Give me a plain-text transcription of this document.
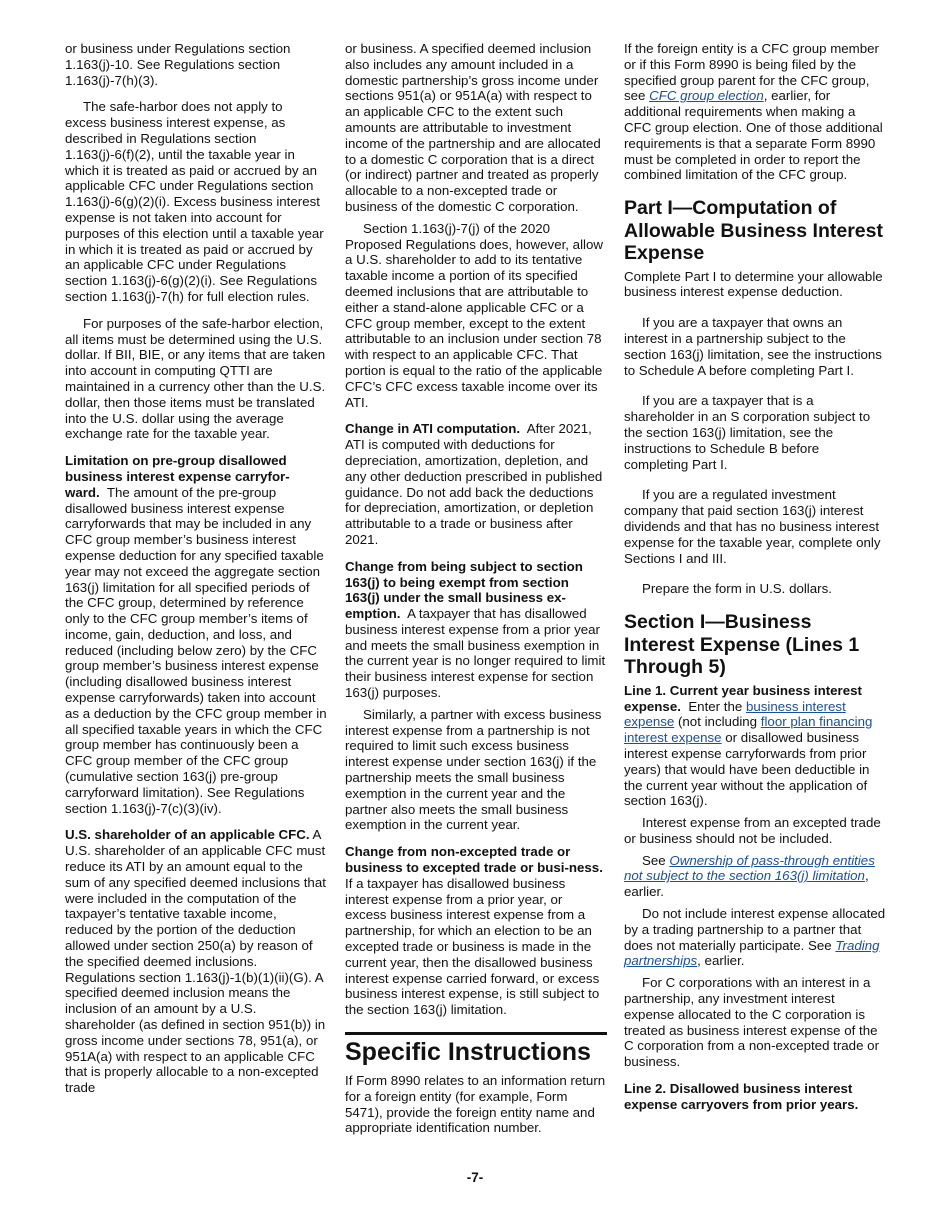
or business under Regulations section 1.163(j)-10. See Regulations section 1.163(j)-7(h)(3).

The safe-harbor does not apply to excess business interest expense, as described in Regulations section 1.163(j)-6(f)(2), until the taxable year in which it is treated as paid or accrued by an applicable CFC under Regulations section 1.163(j)-6(g)(2)(i). Excess business interest expense is not taken into account for purposes of this election until a taxable year in which it is treated as paid or accrued by an applicable CFC under Regulations section 1.163(j)-6(g)(2)(i). See Regulations section 1.163(j)-7(h) for full election rules.

For purposes of the safe-harbor election, all items must be determined using the U.S. dollar. If BII, BIE, or any items that are taken into account in computing QTTI are maintained in a currency other than the U.S. dollar, then those items must be translated into the U.S. dollar using the average exchange rate for the taxable year.

Limitation on pre-group disallowed business interest expense carryfor-ward. The amount of the pre-group disallowed business interest expense carryforwards that may be included in any CFC group member’s business interest expense deduction for any specified taxable year may not exceed the aggregate section 163(j) limitation for all specified periods of the CFC group, determined by reference only to the CFC group member’s items of income, gain, deduction, and loss, and reduced (including below zero) by the CFC group member’s business interest expense (including disallowed business interest expense carryforwards) taken into account as a deduction by the CFC group member in all specified taxable years in which the CFC group member has continuously been a CFC group member of the CFC group (cumulative section 163(j) pre-group carryforward limitation). See Regulations section 1.163(j)-7(c)(3)(iv).

U.S. shareholder of an applicable CFC. A U.S. shareholder of an applicable CFC must reduce its ATI by an amount equal to the sum of any specified deemed inclusions that were included in the computation of the taxpayer’s tentative taxable income, reduced by the portion of the deduction allowed under section 250(a) by reason of the specified deemed inclusions. Regulations section 1.163(j)-1(b)(1)(ii)(G). A specified deemed inclusion means the inclusion of an amount by a U.S. shareholder (as defined in section 951(b)) in gross income under sections 78, 951(a), or 951A(a) with respect to an applicable CFC that is properly allocable to a non-excepted trade

or business. A specified deemed inclusion also includes any amount included in a domestic partnership’s gross income under sections 951(a) or 951A(a) with respect to an applicable CFC to the extent such amounts are attributable to investment income of the partnership and are allocated to a domestic C corporation that is a direct (or indirect) partner and treated as properly allocable to a non-excepted trade or business of the domestic C corporation.

Section 1.163(j)-7(j) of the 2020 Proposed Regulations does, however, allow a U.S. shareholder to add to its tentative taxable income a portion of its specified deemed inclusions that are attributable to either a stand-alone applicable CFC or a CFC group member, except to the extent attributable to an inclusion under section 78 with respect to an applicable CFC. That portion is equal to the ratio of the applicable CFC’s CFC excess taxable income over its ATI.

Change in ATI computation. After 2021, ATI is computed with deductions for depreciation, amortization, depletion, and any other deduction prescribed in published guidance. Do not add back the deductions for depreciation, amortization, or depletion attributable to a trade or business after 2021.

Change from being subject to section 163(j) to being exempt from section 163(j) under the small business ex-emption. A taxpayer that has disallowed business interest expense from a prior year and meets the small business exemption in the current year is no longer required to limit their business interest expense for section 163(j) purposes.

Similarly, a partner with excess business interest expense from a partnership is not required to limit such excess business interest expense under section 163(j) if the partnership meets the small business exemption in the current year and the partner also meets the small business exemption in the current year.

Change from non-excepted trade or business to excepted trade or busi-ness.  If a taxpayer has disallowed business interest expense from a prior year, or excess business interest expense from a partnership, for which an election to be an excepted trade or business is made in the current year, then the disallowed business interest expense carried forward, or excess business interest expense, is still subject to the section 163(j) limitation.

Specific Instructions

If Form 8990 relates to an information return for a foreign entity (for example, Form 5471), provide the foreign entity name and appropriate identification number.

If the foreign entity is a CFC group member or if this Form 8990 is being filed by the specified group parent for the CFC group, see CFC group election, earlier, for additional requirements when making a CFC group election. One of those additional requirements is that a separate Form 8990 must be completed in order to report the combined limitation of the CFC group.

Part I—Computation of Allowable Business Interest Expense

Complete Part I to determine your allowable business interest expense deduction.

If you are a taxpayer that owns an interest in a partnership subject to the section 163(j) limitation, see the instructions to Schedule A before completing Part I.

If you are a taxpayer that is a shareholder in an S corporation subject to the section 163(j) limitation, see the instructions to Schedule B before completing Part I.

If you are a regulated investment company that paid section 163(j) interest dividends and that has no business interest expense for the taxable year, complete only Sections I and III.

Prepare the form in U.S. dollars.

Section I—Business Interest Expense (Lines 1 Through 5)

Line 1. Current year business interest expense. Enter the business interest expense (not including floor plan financing interest expense or disallowed business interest expense carryforwards from prior years) that would have been deductible in the current year without the application of section 163(j).

Interest expense from an excepted trade or business should not be included.

See Ownership of pass-through entities not subject to the section 163(j) limitation, earlier.

Do not include interest expense allocated by a trading partnership to a partner that does not materially participate. See Trading partnerships, earlier.

For C corporations with an interest in a partnership, any investment interest expense allocated to the C corporation is treated as business interest expense of the C corporation from a non-excepted trade or business.

Line 2. Disallowed business interest expense carryovers from prior years.

-7-
